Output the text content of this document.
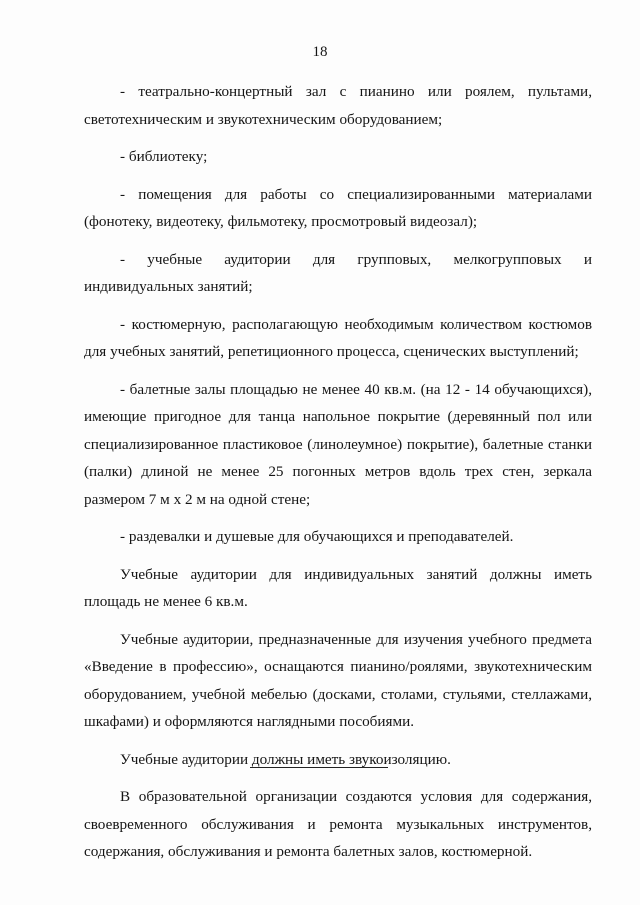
18

- театрально-концертный зал с пианино или роялем, пультами, светотехническим и звукотехническим оборудованием;

- библиотеку;

- помещения для работы со специализированными материалами (фонотеку, видеотеку, фильмотеку, просмотровый видеозал);

- учебные аудитории для групповых, мелкогрупповых и индивидуальных занятий;

- костюмерную, располагающую необходимым количеством костюмов для учебных занятий, репетиционного процесса, сценических выступлений;

- балетные залы площадью не менее 40 кв.м. (на 12 - 14 обучающихся), имеющие пригодное для танца напольное покрытие (деревянный пол или специализированное пластиковое (линолеумное) покрытие), балетные станки (палки) длиной не менее 25 погонных метров вдоль трех стен, зеркала размером 7 м х 2 м на одной стене;

- раздевалки и душевые для обучающихся и преподавателей.

Учебные аудитории для индивидуальных занятий должны иметь площадь не менее 6 кв.м.

Учебные аудитории, предназначенные для изучения учебного предмета «Введение в профессию», оснащаются пианино/роялями, звукотехническим оборудованием, учебной мебелью (досками, столами, стульями, стеллажами, шкафами) и оформляются наглядными пособиями.

Учебные аудитории должны иметь звукоизоляцию.

В образовательной организации создаются условия для содержания, своевременного обслуживания и ремонта музыкальных инструментов, содержания, обслуживания и ремонта балетных залов, костюмерной.
